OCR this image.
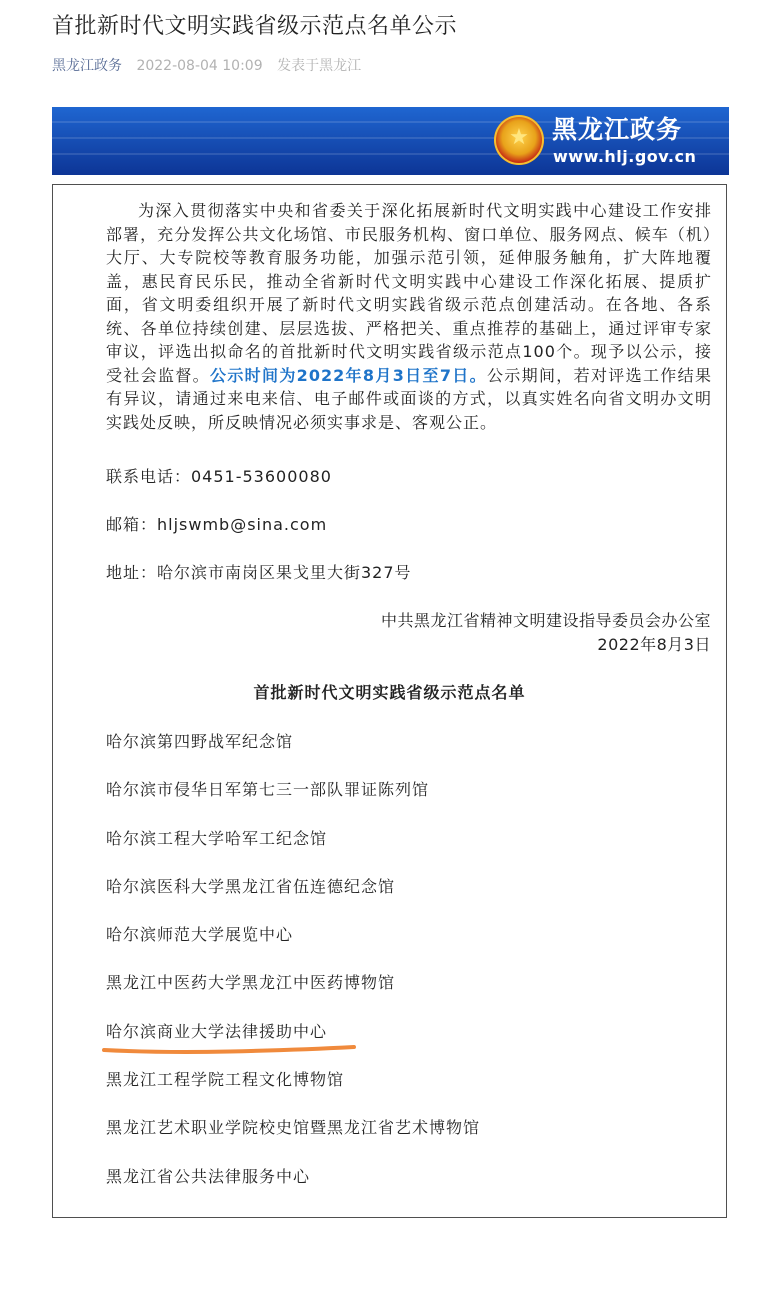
首批新时代文明实践省级示范点名单公示
黑龙江政务 2022-08-04 10:09 发表于黑龙江
★ 黑龙江政务
www.hlj.gov.cn

为深入贯彻落实中央和省委关于深化拓展新时代文明实践中心建设工作安排部署，充分发挥公共文化场馆、市民服务机构、窗口单位、服务网点、候车（机）大厅、大专院校等教育服务功能，加强示范引领，延伸服务触角，扩大阵地覆盖，惠民育民乐民，推动全省新时代文明实践中心建设工作深化拓展、提质扩面，省文明委组织开展了新时代文明实践省级示范点创建活动。在各地、各系统、各单位持续创建、层层选拔、严格把关、重点推荐的基础上，通过评审专家审议，评选出拟命名的首批新时代文明实践省级示范点100个。现予以公示，接受社会监督。公示时间为2022年8月3日至7日。公示期间，若对评选工作结果有异议，请通过来电来信、电子邮件或面谈的方式，以真实姓名向省文明办文明实践处反映，所反映情况必须实事求是、客观公正。

联系电话：0451-53600080
邮箱：hljswmb@sina.com
地址：哈尔滨市南岗区果戈里大街327号
中共黑龙江省精神文明建设指导委员会办公室
2022年8月3日
首批新时代文明实践省级示范点名单
哈尔滨第四野战军纪念馆
哈尔滨市侵华日军第七三一部队罪证陈列馆
哈尔滨工程大学哈军工纪念馆
哈尔滨医科大学黑龙江省伍连德纪念馆
哈尔滨师范大学展览中心
黑龙江中医药大学黑龙江中医药博物馆
哈尔滨商业大学法律援助中心
黑龙江工程学院工程文化博物馆
黑龙江艺术职业学院校史馆暨黑龙江省艺术博物馆
黑龙江省公共法律服务中心
